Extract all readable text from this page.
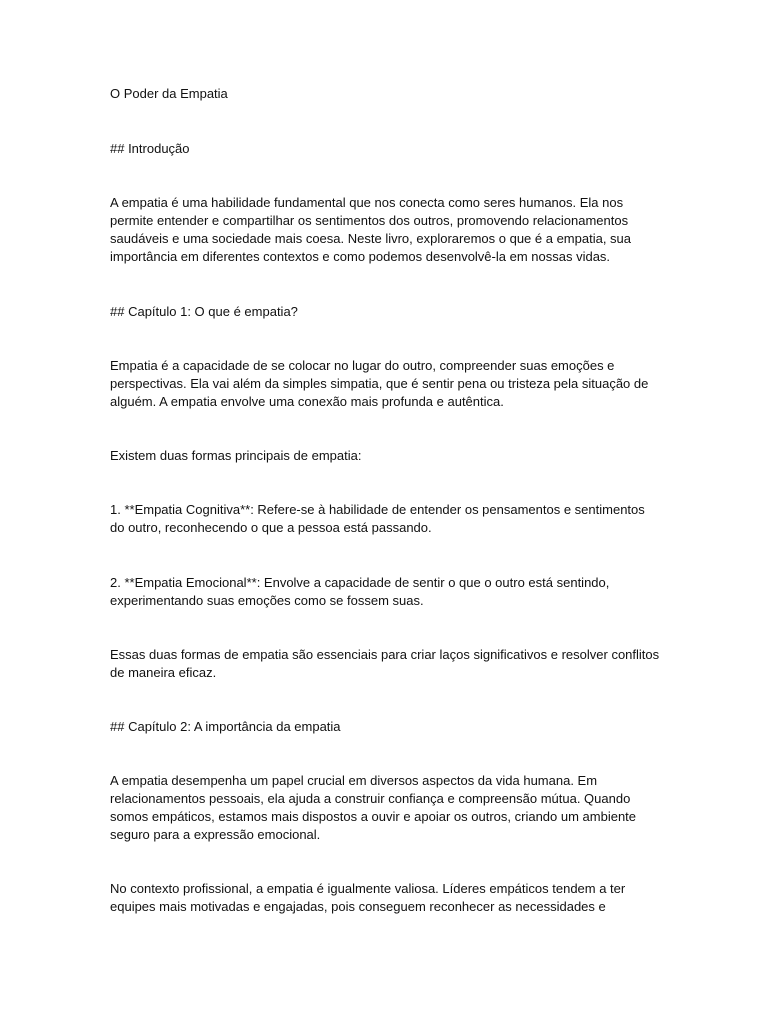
O Poder da Empatia

## Introdução

A empatia é uma habilidade fundamental que nos conecta como seres humanos. Ela nos

permite entender e compartilhar os sentimentos dos outros, promovendo relacionamentos

saudáveis e uma sociedade mais coesa. Neste livro, exploraremos o que é a empatia, sua

importância em diferentes contextos e como podemos desenvolvê-la em nossas vidas.

## Capítulo 1: O que é empatia?

Empatia é a capacidade de se colocar no lugar do outro, compreender suas emoções e

perspectivas. Ela vai além da simples simpatia, que é sentir pena ou tristeza pela situação de

alguém. A empatia envolve uma conexão mais profunda e autêntica.

Existem duas formas principais de empatia:

1. **Empatia Cognitiva**: Refere-se à habilidade de entender os pensamentos e sentimentos

do outro, reconhecendo o que a pessoa está passando.

2. **Empatia Emocional**: Envolve a capacidade de sentir o que o outro está sentindo,

experimentando suas emoções como se fossem suas.

Essas duas formas de empatia são essenciais para criar laços significativos e resolver conflitos

de maneira eficaz.

## Capítulo 2: A importância da empatia

A empatia desempenha um papel crucial em diversos aspectos da vida humana. Em

relacionamentos pessoais, ela ajuda a construir confiança e compreensão mútua. Quando

somos empáticos, estamos mais dispostos a ouvir e apoiar os outros, criando um ambiente

seguro para a expressão emocional.

No contexto profissional, a empatia é igualmente valiosa. Líderes empáticos tendem a ter

equipes mais motivadas e engajadas, pois conseguem reconhecer as necessidades e
